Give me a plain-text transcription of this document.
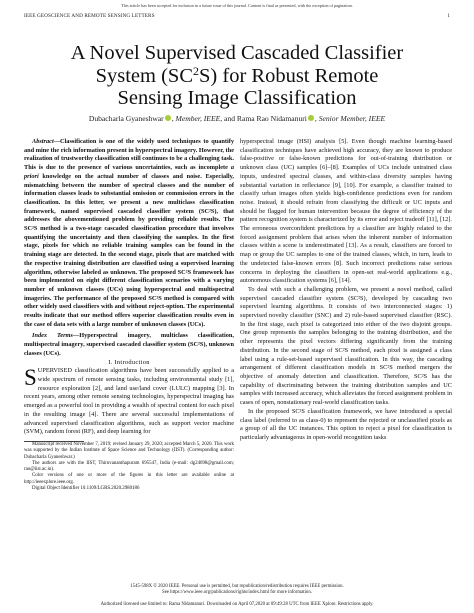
This article has been accepted for inclusion in a future issue of this journal. Content is final as presented, with the exception of pagination.
IEEE GEOSCIENCE AND REMOTE SENSING LETTERS	1
A Novel Supervised Cascaded Classifier
System $(SC^2S)$ for Robust Remote
Sensing Image Classification
Dubacharla Gyaneshwar , Member, IEEE, and Rama Rao Nidamanuri , Senior Member, IEEE

Abstract—Classification is one of the widely used techniques to quantify and mine the rich information present in hyperspectral imagery. However, the realization of trustworthy classification still continues to be a challenging task. This is due to the presence of various uncertainties, such as incomplete a priori knowledge on the actual number of classes and noise. Especially, mismatching between the number of spectral classes and the number of information classes leads to substantial omission or commission errors in the classification. In this letter, we present a new multiclass classification framework, named supervised cascaded classifier system (SC²S), that addresses the abovementioned problem by providing reliable results. The SC²S method is a two-stage cascaded classification procedure that involves quantifying the uncertainty and then classifying the samples. In the first stage, pixels for which no reliable training samples can be found in the training stage are detected. In the second stage, pixels that are matched with the respective training distribution are classified using a supervised learning algorithm, otherwise labeled as unknown. The proposed SC²S framework has been implemented on eight different classification scenarios with a varying number of unknown classes (UCs) using hyperspectral and multispectral imageries. The performance of the proposed SC²S method is compared with other widely used classifiers with and without reject-option. The experimental results indicate that our method offers superior classification results even in the case of data sets with a large number of unknown classes (UCs).

Index Terms—Hyperspectral imagery, multiclass classification, multispectral imagery, supervised cascaded classifier system (SC²S), unknown classes (UCs).

I. Introduction

SUPERVISED classification algorithms have been successfully applied to a wide spectrum of remote sensing tasks, including environmental study [1], resource exploration [2], and land use/land cover (LULC) mapping [3]. In recent years, among other remote sensing technologies, hyperspectral imaging has emerged as a powerful tool in providing a wealth of spectral content for each pixel in the resulting image [4]. There are several successful implementations of advanced supervised classification algorithms, such as support vector machine (SVM), random forest (RF), and deep learning for

Manuscript received November 7, 2019; revised January 29, 2020; accepted March 5, 2020. This work was supported by the Indian Institute of Space Science and Technology (IIST). (Corresponding author: Dubacharla Gyaneshwar.)

The authors are with the IIST, Thiruvananthapuram 695547, India (e-mail: dg24698@gmail.com; rao@iist.ac.in).

Color versions of one or more of the figures in this letter are available online at http://ieeexplore.ieee.org.

Digital Object Identifier 10.1109/LGRS.2020.2980186

hyperspectral image (HSI) analysis [5]. Even though machine learning-based classification techniques have achieved high accuracy, they are known to produce false-positive or false-known predictions for out-of-training distribution or unknown class (UC) samples [6]–[8]. Examples of UCs include untrained class inputs, undesired spectral classes, and within-class diversity samples having substantial variation in reflectance [9], [10]. For example, a classifier trained to classify urban images often yields high-confidence predictions even for random noise. Instead, it should refrain from classifying the difficult or UC inputs and should be flagged for human intervention because the degree of efficiency of the pattern recognition system is characterized by its error and reject tradeoff [11], [12]. The erroneous overconfident predictions by a classifier are highly related to the forced assignment problem that arises when the inherent number of information classes within a scene is underestimated [13]. As a result, classifiers are forced to map or group the UC samples to one of the trained classes, which, in turn, leads to the undetected false-known errors [8]. Such incorrect predictions raise serious concerns in deploying the classifiers in open-set real-world applications e.g., autonomous classification systems [6], [14].

To deal with such a challenging problem, we present a novel method, called supervised cascaded classifier system (SC²S), developed by cascading two supervised learning algorithms. It consists of two interconnected stages: 1) supervised novelty classifier (SNC) and 2) rule-based supervised classifier (RSC). In the first stage, each pixel is categorized into either of the two disjoint groups. One group represents the samples belonging to the training distribution, and the other represents the pixel vectors differing significantly from the training distribution. In the second stage of SC²S method, each pixel is assigned a class label using a rule-set-based supervised classification. In this way, the cascading arrangement of different classification models in SC²S method mergers the objective of anomaly detection and classification. Therefore, SC²S has the capability of discriminating between the training distribution samples and UC samples with increased accuracy, which alleviates the forced assignment problem in cases of open, nonstationary real-world classification tasks.

In the proposed SC²S classification framework, we have introduced a special class label (referred to as class-0) to represent the rejected or unclassified pixels as a group of all the UC instances. This option to reject a pixel for classification is particularly advantageous in open-world recognition tasks

1545-598X © 2020 IEEE. Personal use is permitted, but republication/redistribution requires IEEE permission.
See https://www.ieee.org/publications/rights/index.html for more information.
Authorized licensed use limited to: Rama Nidamanuri. Downloaded on April 07,2020 at 09:49:28 UTC from IEEE Xplore. Restrictions apply.
